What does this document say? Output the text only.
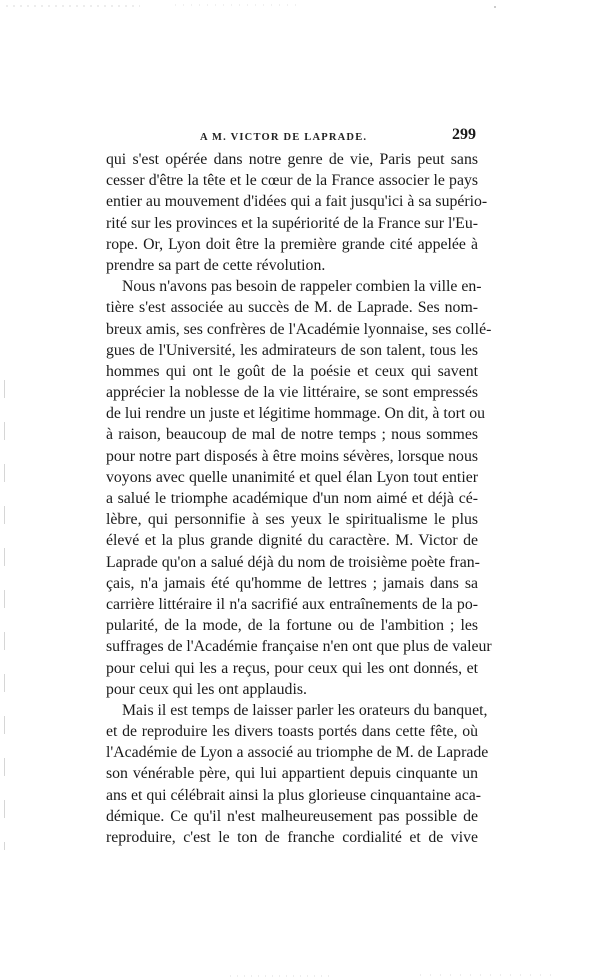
A M. VICTOR DE LAPRADE.	299
qui s'est opérée dans notre genre de vie, Paris peut sans
cesser d'être la tête et le cœur de la France associer le pays
entier au mouvement d'idées qui a fait jusqu'ici à sa supério-
rité sur les provinces et la supériorité de la France sur l'Eu-
rope. Or, Lyon doit être la première grande cité appelée à
prendre sa part de cette révolution.
Nous n'avons pas besoin de rappeler combien la ville en-
tière s'est associée au succès de M. de Laprade. Ses nom-
breux amis, ses confrères de l'Académie lyonnaise, ses collé-
gues de l'Université, les admirateurs de son talent, tous les
hommes qui ont le goût de la poésie et ceux qui savent
apprécier la noblesse de la vie littéraire, se sont empressés
de lui rendre un juste et légitime hommage. On dit, à tort ou
à raison, beaucoup de mal de notre temps ; nous sommes
pour notre part disposés à être moins sévères, lorsque nous
voyons avec quelle unanimité et quel élan Lyon tout entier
a salué le triomphe académique d'un nom aimé et déjà cé-
lèbre, qui personnifie à ses yeux le spiritualisme le plus
élevé et la plus grande dignité du caractère. M. Victor de
Laprade qu'on a salué déjà du nom de troisième poète fran-
çais, n'a jamais été qu'homme de lettres ; jamais dans sa
carrière littéraire il n'a sacrifié aux entraînements de la po-
pularité, de la mode, de la fortune ou de l'ambition ; les
suffrages de l'Académie française n'en ont que plus de valeur
pour celui qui les a reçus, pour ceux qui les ont donnés, et
pour ceux qui les ont applaudis.
Mais il est temps de laisser parler les orateurs du banquet,
et de reproduire les divers toasts portés dans cette fête, où
l'Académie de Lyon a associé au triomphe de M. de Laprade
son vénérable père, qui lui appartient depuis cinquante un
ans et qui célébrait ainsi la plus glorieuse cinquantaine aca-
démique. Ce qu'il n'est malheureusement pas possible de
reproduire, c'est le ton de franche cordialité et de vive
